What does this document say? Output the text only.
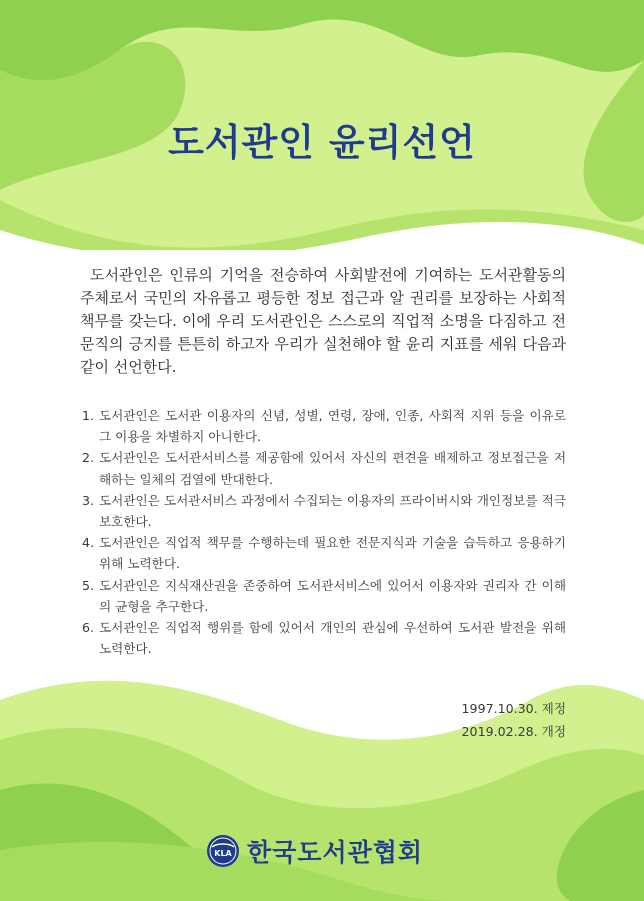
도서관인 윤리선언

도서관인은 인류의 기억을 전승하여 사회발전에 기여하는 도서관활동의 주체로서 국민의 자유롭고 평등한 정보 접근과 알 권리를 보장하는 사회적 책무를 갖는다. 이에 우리 도서관인은 스스로의 직업적 소명을 다짐하고 전문직의 긍지를 튼튼히 하고자 우리가 실천해야 할 윤리 지표를 세워 다음과 같이 선언한다.

1. 도서관인은 도서관 이용자의 신념, 성별, 연령, 장애, 인종, 사회적 지위 등을 이유로 그 이용을 차별하지 아니한다.
2. 도서관인은 도서관서비스를 제공함에 있어서 자신의 편견을 배제하고 정보접근을 저해하는 일체의 검열에 반대한다.
3. 도서관인은 도서관서비스 과정에서 수집되는 이용자의 프라이버시와 개인정보를 적극 보호한다.
4. 도서관인은 직업적 책무를 수행하는데 필요한 전문지식과 기술을 습득하고 응용하기 위해 노력한다.
5. 도서관인은 지식재산권을 존중하여 도서관서비스에 있어서 이용자와 권리자 간 이해의 균형을 추구한다.
6. 도서관인은 직업적 행위를 함에 있어서 개인의 관심에 우선하여 도서관 발전을 위해 노력한다.
1997.10.30. 제정
2019.02.28. 개정
KLA 한국도서관협회
